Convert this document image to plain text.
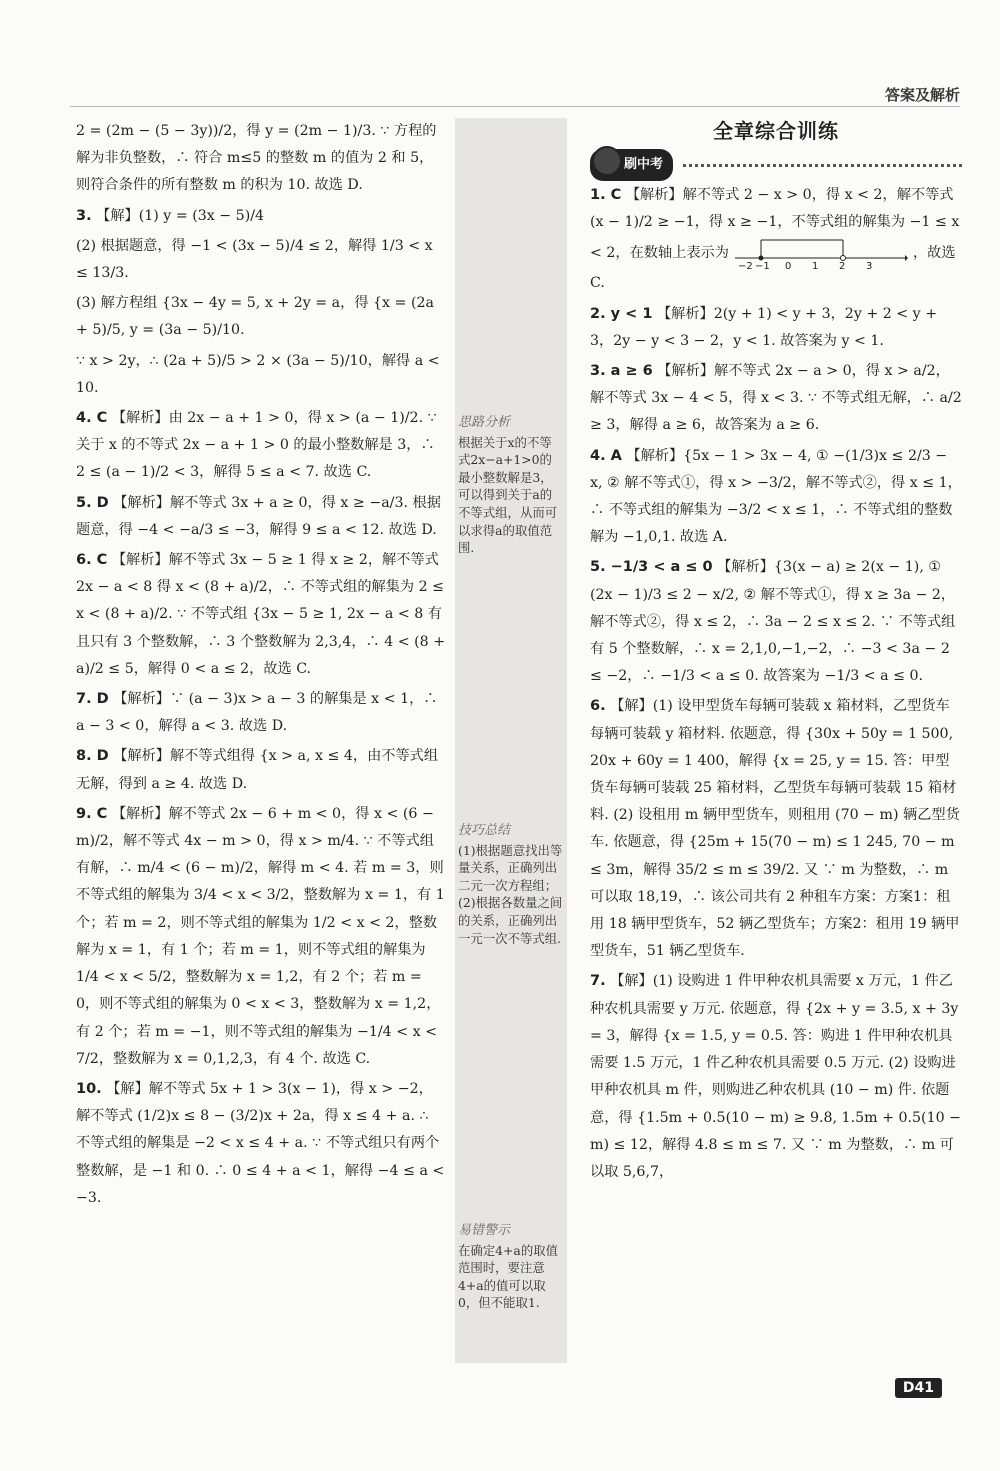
答案及解析
思路分析
根据关于x的不等式2x−a+1>0的最小整数解是3，可以得到关于a的不等式组，从而可以求得a的取值范围.
技巧总结
(1)根据题意找出等量关系，正确列出二元一次方程组；(2)根据各数量之间的关系，正确列出一元一次不等式组.
易错警示
在确定4+a的取值范围时，要注意4+a的值可以取0，但不能取1.

2 = (2m − (5 − 3y))/2，得 y = (2m − 1)/3. ∵ 方程的解为非负整数，∴ 符合 m≤5 的整数 m 的值为 2 和 5，则符合条件的所有整数 m 的积为 10. 故选 D.

3. 【解】(1) y = (3x − 5)/4

(2) 根据题意，得 −1 < (3x − 5)/4 ≤ 2，解得 1/3 < x ≤ 13/3.

(3) 解方程组 {3x − 4y = 5, x + 2y = a，得 {x = (2a + 5)/5, y = (3a − 5)/10.

∵ x > 2y，∴ (2a + 5)/5 > 2 × (3a − 5)/10，解得 a < 10.

4. C 【解析】由 2x − a + 1 > 0，得 x > (a − 1)/2. ∵ 关于 x 的不等式 2x − a + 1 > 0 的最小整数解是 3，∴ 2 ≤ (a − 1)/2 < 3，解得 5 ≤ a < 7. 故选 C.

5. D 【解析】解不等式 3x + a ≥ 0，得 x ≥ −a/3. 根据题意，得 −4 < −a/3 ≤ −3，解得 9 ≤ a < 12. 故选 D.

6. C 【解析】解不等式 3x − 5 ≥ 1 得 x ≥ 2，解不等式 2x − a < 8 得 x < (8 + a)/2，∴ 不等式组的解集为 2 ≤ x < (8 + a)/2. ∵ 不等式组 {3x − 5 ≥ 1, 2x − a < 8 有且只有 3 个整数解，∴ 3 个整数解为 2,3,4，∴ 4 < (8 + a)/2 ≤ 5，解得 0 < a ≤ 2，故选 C.

7. D 【解析】∵ (a − 3)x > a − 3 的解集是 x < 1，∴ a − 3 < 0，解得 a < 3. 故选 D.

8. D 【解析】解不等式组得 {x > a, x ≤ 4，由不等式组无解，得到 a ≥ 4. 故选 D.

9. C 【解析】解不等式 2x − 6 + m < 0，得 x < (6 − m)/2，解不等式 4x − m > 0，得 x > m/4. ∵ 不等式组有解，∴ m/4 < (6 − m)/2，解得 m < 4. 若 m = 3，则不等式组的解集为 3/4 < x < 3/2，整数解为 x = 1，有 1 个；若 m = 2，则不等式组的解集为 1/2 < x < 2，整数解为 x = 1，有 1 个；若 m = 1，则不等式组的解集为 1/4 < x < 5/2，整数解为 x = 1,2，有 2 个；若 m = 0，则不等式组的解集为 0 < x < 3，整数解为 x = 1,2，有 2 个；若 m = −1，则不等式组的解集为 −1/4 < x < 7/2，整数解为 x = 0,1,2,3，有 4 个. 故选 C.

10. 【解】解不等式 5x + 1 > 3(x − 1)，得 x > −2，解不等式 (1/2)x ≤ 8 − (3/2)x + 2a，得 x ≤ 4 + a. ∴ 不等式组的解集是 −2 < x ≤ 4 + a. ∵ 不等式组只有两个整数解，是 −1 和 0. ∴ 0 ≤ 4 + a < 1，解得 −4 ≤ a < −3.

全章综合训练
刷中考

1. C 【解析】解不等式 2 − x > 0，得 x < 2，解不等式 (x − 1)/2 ≥ −1，得 x ≥ −1，不等式组的解集为 −1 ≤ x < 2，在数轴上表示为
−2 −1 0 1 2 3
，故选 C.

2. y < 1 【解析】2(y + 1) < y + 3，2y + 2 < y + 3，2y − y < 3 − 2，y < 1. 故答案为 y < 1.

3. a ≥ 6 【解析】解不等式 2x − a > 0，得 x > a/2，解不等式 3x − 4 < 5，得 x < 3. ∵ 不等式组无解，∴ a/2 ≥ 3，解得 a ≥ 6，故答案为 a ≥ 6.

4. A 【解析】{5x − 1 > 3x − 4, ① −(1/3)x ≤ 2/3 − x, ② 解不等式①，得 x > −3/2，解不等式②，得 x ≤ 1，∴ 不等式组的解集为 −3/2 < x ≤ 1，∴ 不等式组的整数解为 −1,0,1. 故选 A.

5. −1/3 < a ≤ 0 【解析】{3(x − a) ≥ 2(x − 1), ① (2x − 1)/3 ≤ 2 − x/2, ② 解不等式①，得 x ≥ 3a − 2，解不等式②，得 x ≤ 2，∴ 3a − 2 ≤ x ≤ 2. ∵ 不等式组有 5 个整数解，∴ x = 2,1,0,−1,−2，∴ −3 < 3a − 2 ≤ −2，∴ −1/3 < a ≤ 0. 故答案为 −1/3 < a ≤ 0.

6. 【解】(1) 设甲型货车每辆可装载 x 箱材料，乙型货车每辆可装载 y 箱材料. 依题意，得 {30x + 50y = 1 500, 20x + 60y = 1 400，解得 {x = 25, y = 15. 答：甲型货车每辆可装载 25 箱材料，乙型货车每辆可装载 15 箱材料. (2) 设租用 m 辆甲型货车，则租用 (70 − m) 辆乙型货车. 依题意，得 {25m + 15(70 − m) ≤ 1 245, 70 − m ≤ 3m，解得 35/2 ≤ m ≤ 39/2. 又 ∵ m 为整数，∴ m 可以取 18,19，∴ 该公司共有 2 种租车方案：方案1：租用 18 辆甲型货车，52 辆乙型货车；方案2：租用 19 辆甲型货车，51 辆乙型货车.

7. 【解】(1) 设购进 1 件甲种农机具需要 x 万元，1 件乙种农机具需要 y 万元. 依题意，得 {2x + y = 3.5, x + 3y = 3，解得 {x = 1.5, y = 0.5. 答：购进 1 件甲种农机具需要 1.5 万元，1 件乙种农机具需要 0.5 万元. (2) 设购进甲种农机具 m 件，则购进乙种农机具 (10 − m) 件. 依题意，得 {1.5m + 0.5(10 − m) ≥ 9.8, 1.5m + 0.5(10 − m) ≤ 12，解得 4.8 ≤ m ≤ 7. 又 ∵ m 为整数，∴ m 可以取 5,6,7，

D41
